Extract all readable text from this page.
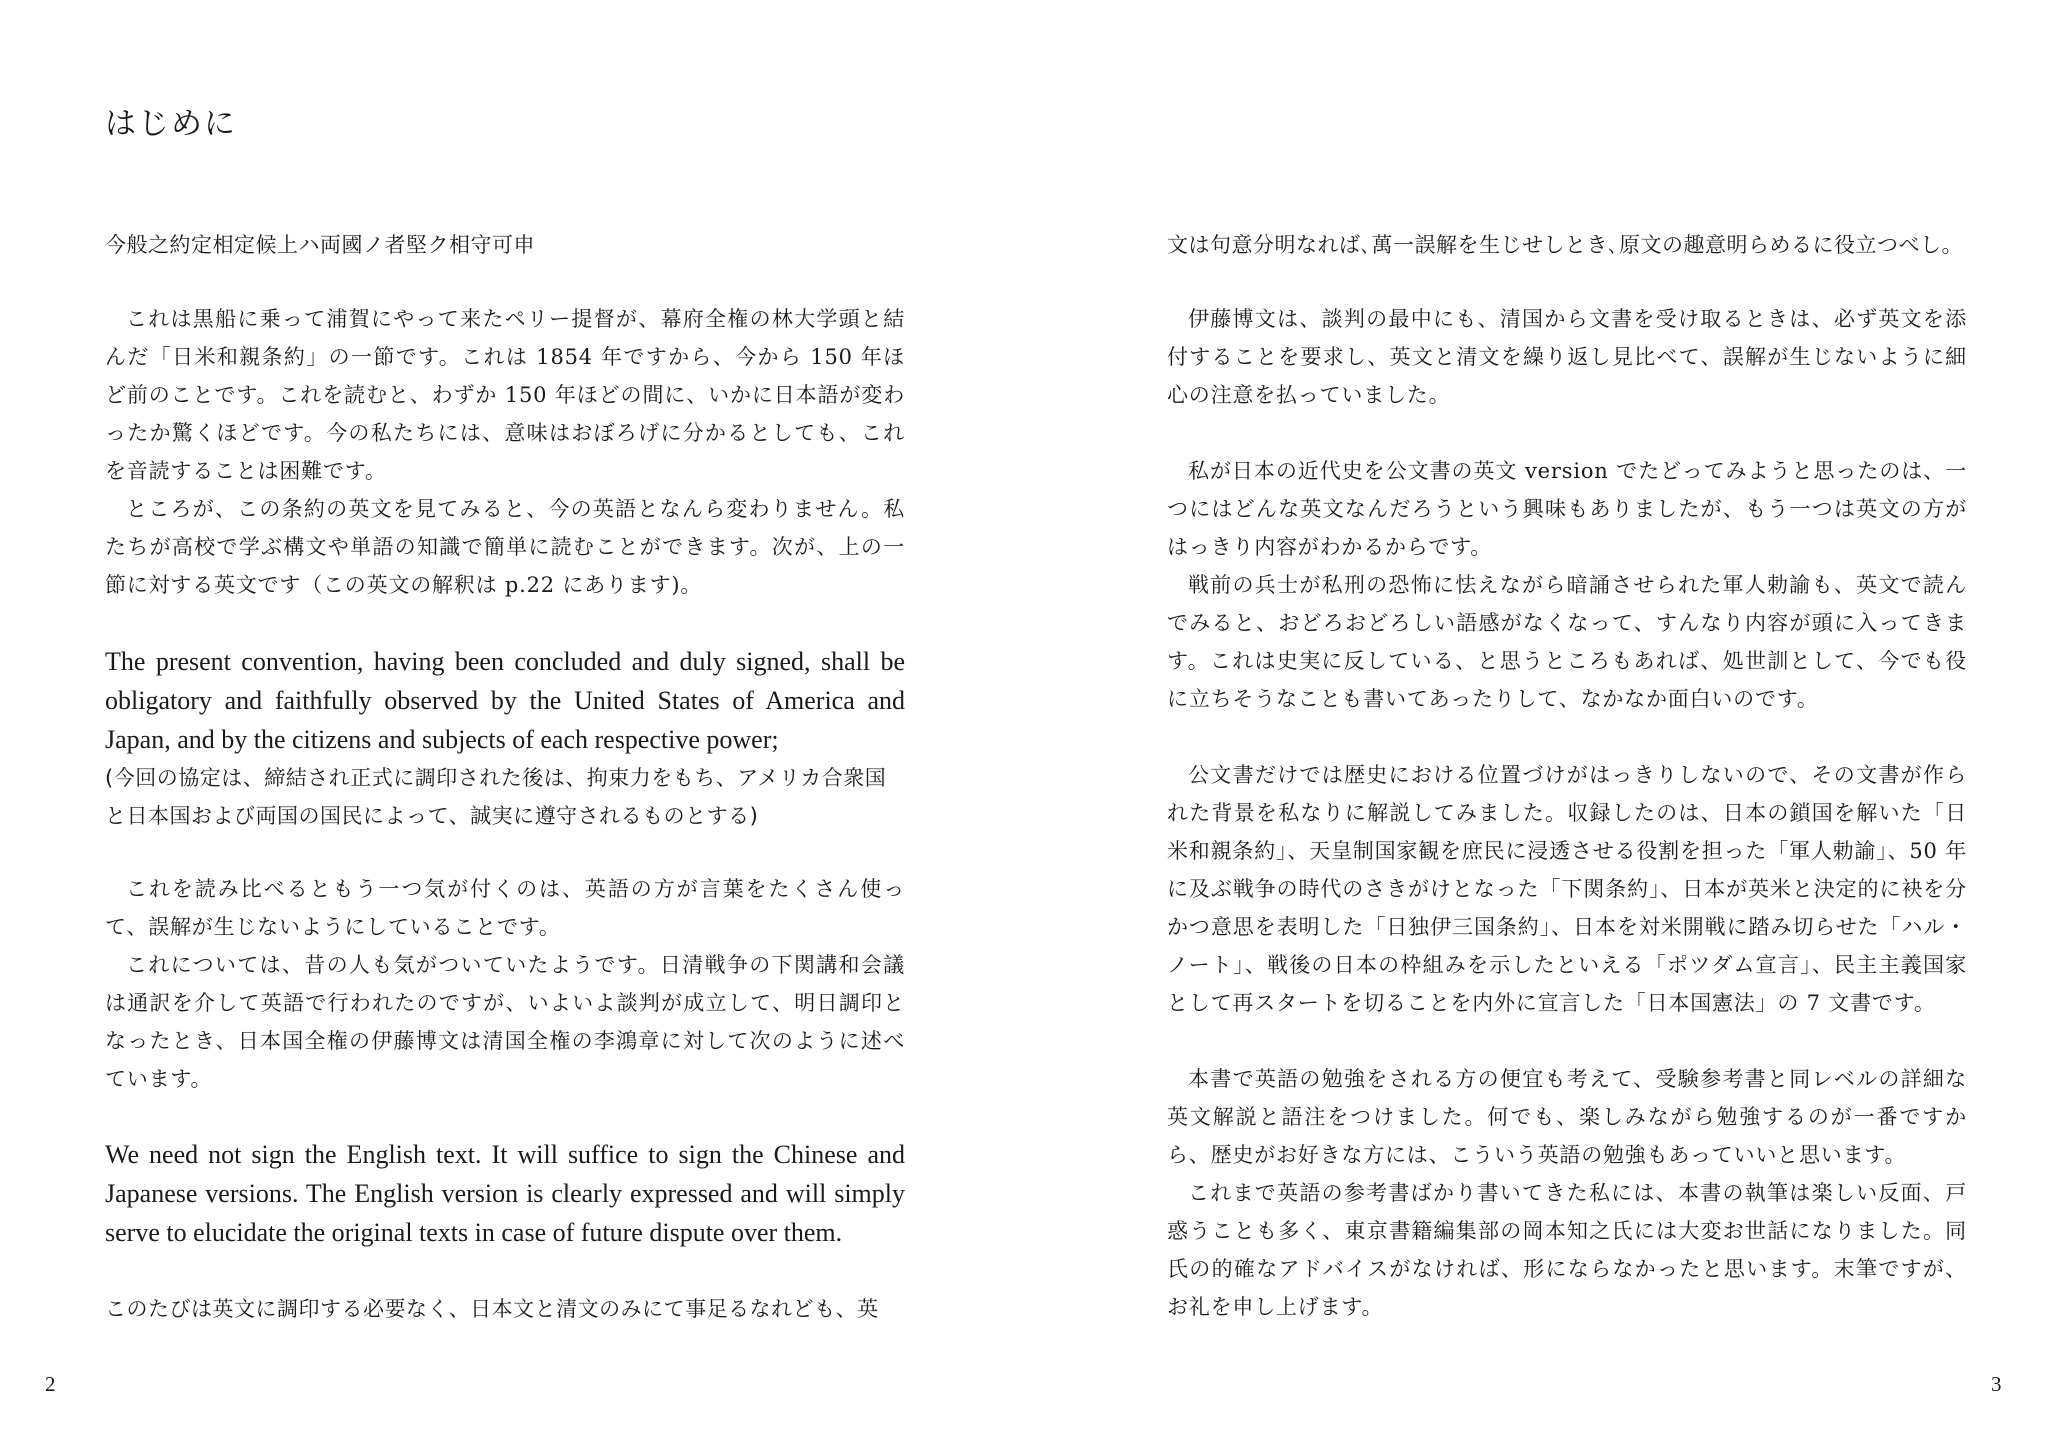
はじめに

今般之約定相定候上ハ両國ノ者堅ク相守可申

これは黒船に乗って浦賀にやって来たペリー提督が、幕府全権の林大学頭と結んだ「日米和親条約」の一節です。これは 1854 年ですから、今から 150 年ほど前のことです。これを読むと、わずか 150 年ほどの間に、いかに日本語が変わったか驚くほどです。今の私たちには、意味はおぼろげに分かるとしても、これを音読することは困難です。

ところが、この条約の英文を見てみると、今の英語となんら変わりません。私たちが高校で学ぶ構文や単語の知識で簡単に読むことができます。次が、上の一節に対する英文です（この英文の解釈は p.22 にあります)。

The present convention, having been concluded and duly signed, shall be obligatory and faithfully observed by the United States of America and Japan, and by the citizens and subjects of each respective power;

(今回の協定は、締結され正式に調印された後は、拘束力をもち、アメリカ合衆国と日本国および両国の国民によって、誠実に遵守されるものとする)

これを読み比べるともう一つ気が付くのは、英語の方が言葉をたくさん使って、誤解が生じないようにしていることです。

これについては、昔の人も気がついていたようです。日清戦争の下関講和会議は通訳を介して英語で行われたのですが、いよいよ談判が成立して、明日調印となったとき、日本国全権の伊藤博文は清国全権の李鴻章に対して次のように述べています。

We need not sign the English text. It will suffice to sign the Chinese and Japanese versions. The English version is clearly expressed and will simply serve to elucidate the original texts in case of future dispute over them.

このたびは英文に調印する必要なく、日本文と清文のみにて事足るなれども、英

2

文は句意分明なれば､萬一誤解を生じせしとき､原文の趣意明らめるに役立つべし。

伊藤博文は、談判の最中にも、清国から文書を受け取るときは、必ず英文を添付することを要求し、英文と清文を繰り返し見比べて、誤解が生じないように細心の注意を払っていました。

私が日本の近代史を公文書の英文 version でたどってみようと思ったのは、一つにはどんな英文なんだろうという興味もありましたが、もう一つは英文の方がはっきり内容がわかるからです。

戦前の兵士が私刑の恐怖に怯えながら暗誦させられた軍人勅諭も、英文で読んでみると、おどろおどろしい語感がなくなって、すんなり内容が頭に入ってきます。これは史実に反している、と思うところもあれば、処世訓として、今でも役に立ちそうなことも書いてあったりして、なかなか面白いのです。

公文書だけでは歴史における位置づけがはっきりしないので、その文書が作られた背景を私なりに解説してみました。収録したのは、日本の鎖国を解いた「日米和親条約」、天皇制国家観を庶民に浸透させる役割を担った「軍人勅諭」、50 年に及ぶ戦争の時代のさきがけとなった「下関条約」、日本が英米と決定的に袂を分かつ意思を表明した「日独伊三国条約」、日本を対米開戦に踏み切らせた「ハル・ノート」、戦後の日本の枠組みを示したといえる「ポツダム宣言」、民主主義国家として再スタートを切ることを内外に宣言した「日本国憲法」の 7 文書です。

本書で英語の勉強をされる方の便宜も考えて、受験参考書と同レベルの詳細な英文解説と語注をつけました。何でも、楽しみながら勉強するのが一番ですから、歴史がお好きな方には、こういう英語の勉強もあっていいと思います。

これまで英語の参考書ばかり書いてきた私には、本書の執筆は楽しい反面、戸惑うことも多く、東京書籍編集部の岡本知之氏には大変お世話になりました。同氏の的確なアドバイスがなければ、形にならなかったと思います。末筆ですが、お礼を申し上げます。

3
